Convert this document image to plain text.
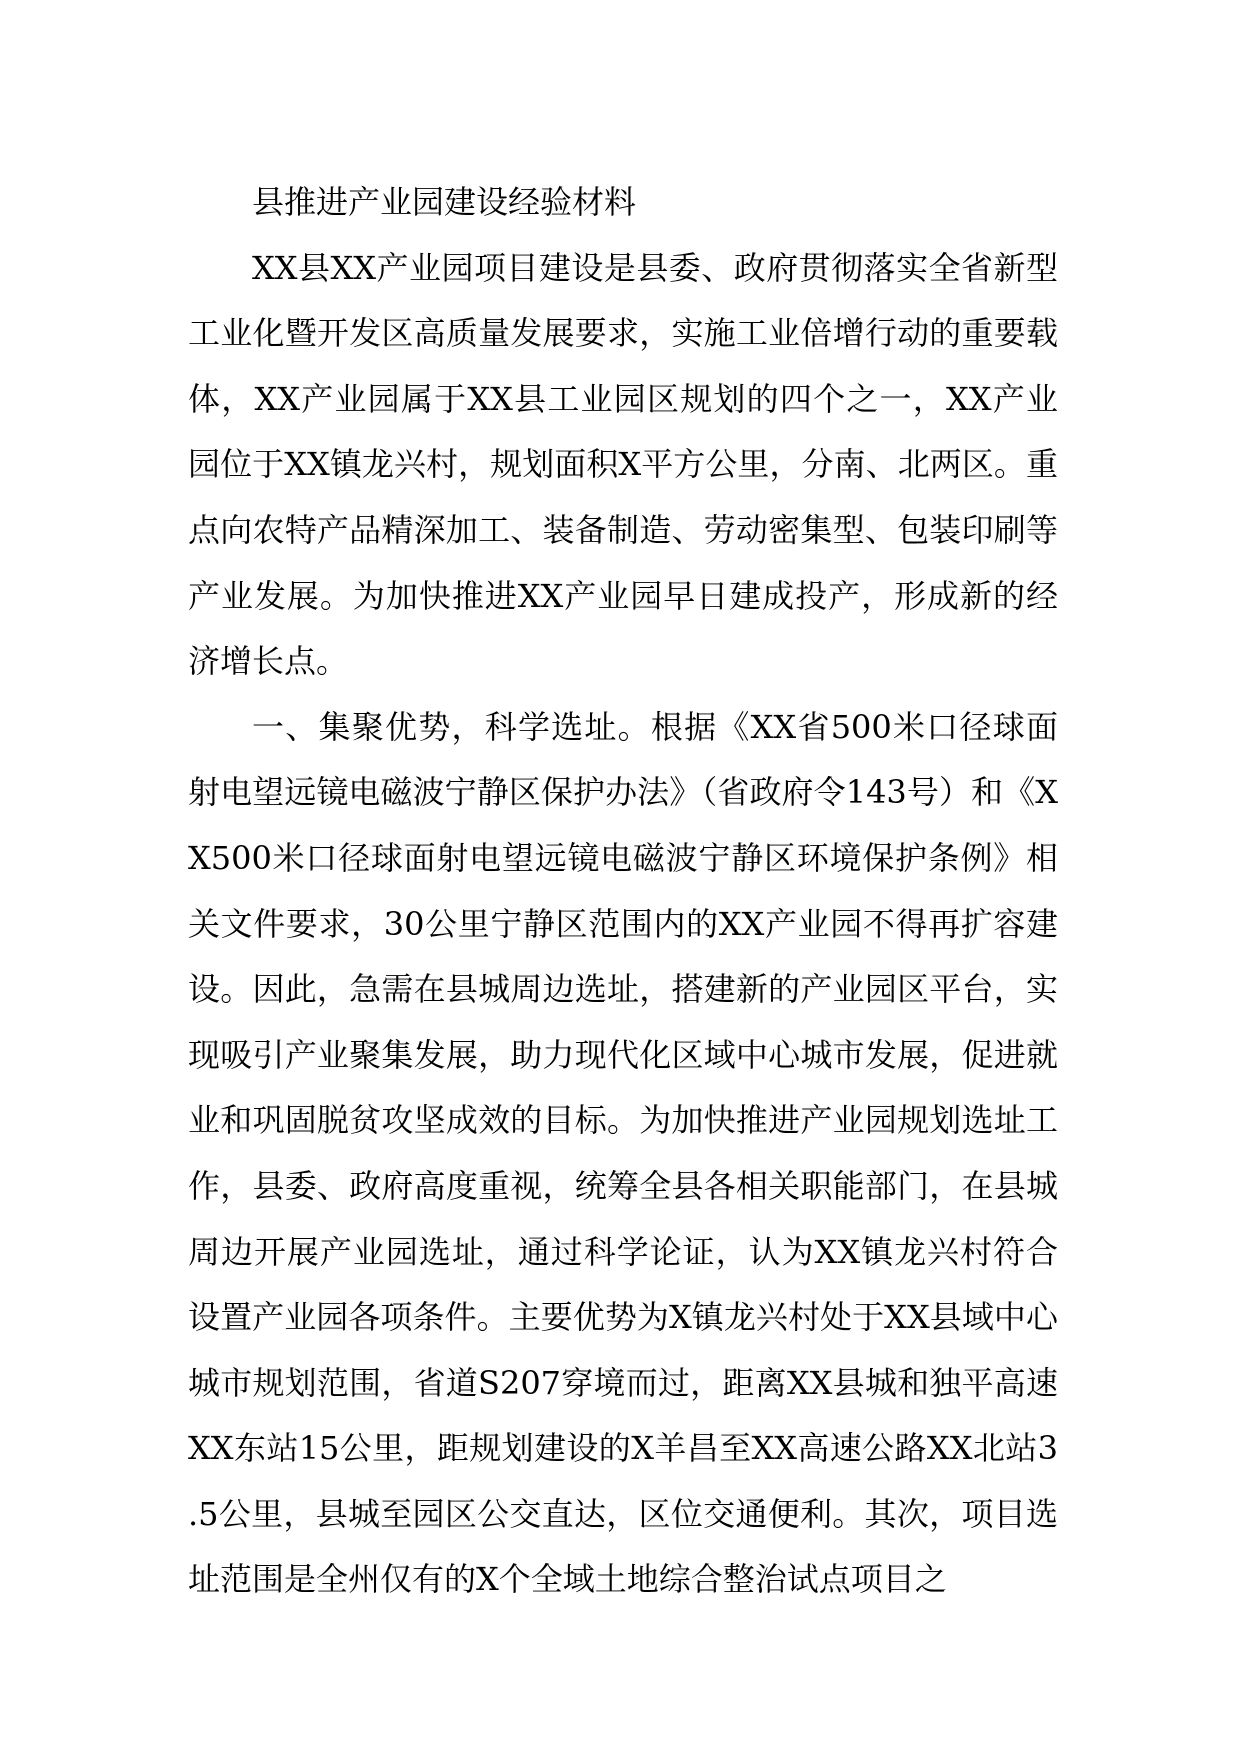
县推进产业园建设经验材料

XX县XX产业园项目建设是县委、政府贯彻落实全省新型工业化暨开发区高质量发展要求，实施工业倍增行动的重要载体，XX产业园属于XX县工业园区规划的四个之一，XX产业园位于XX镇龙兴村，规划面积X平方公里，分南、北两区。重点向农特产品精深加工、装备制造、劳动密集型、包装印刷等产业发展。为加快推进XX产业园早日建成投产，形成新的经济增长点。

一、集聚优势，科学选址。根据《XX省500米口径球面射电望远镜电磁波宁静区保护办法》（省政府令143号）和《XX500米口径球面射电望远镜电磁波宁静区环境保护条例》相关文件要求，30公里宁静区范围内的XX产业园不得再扩容建设。因此，急需在县城周边选址，搭建新的产业园区平台，实现吸引产业聚集发展，助力现代化区域中心城市发展，促进就业和巩固脱贫攻坚成效的目标。为加快推进产业园规划选址工作，县委、政府高度重视，统筹全县各相关职能部门，在县城周边开展产业园选址，通过科学论证，认为XX镇龙兴村符合设置产业园各项条件。主要优势为X镇龙兴村处于XX县域中心城市规划范围，省道S207穿境而过，距离XX县城和独平高速XX东站15公里，距规划建设的X羊昌至XX高速公路XX北站3.5公里，县城至园区公交直达，区位交通便利。其次，项目选址范围是全州仅有的X个全域土地综合整治试点项目之
